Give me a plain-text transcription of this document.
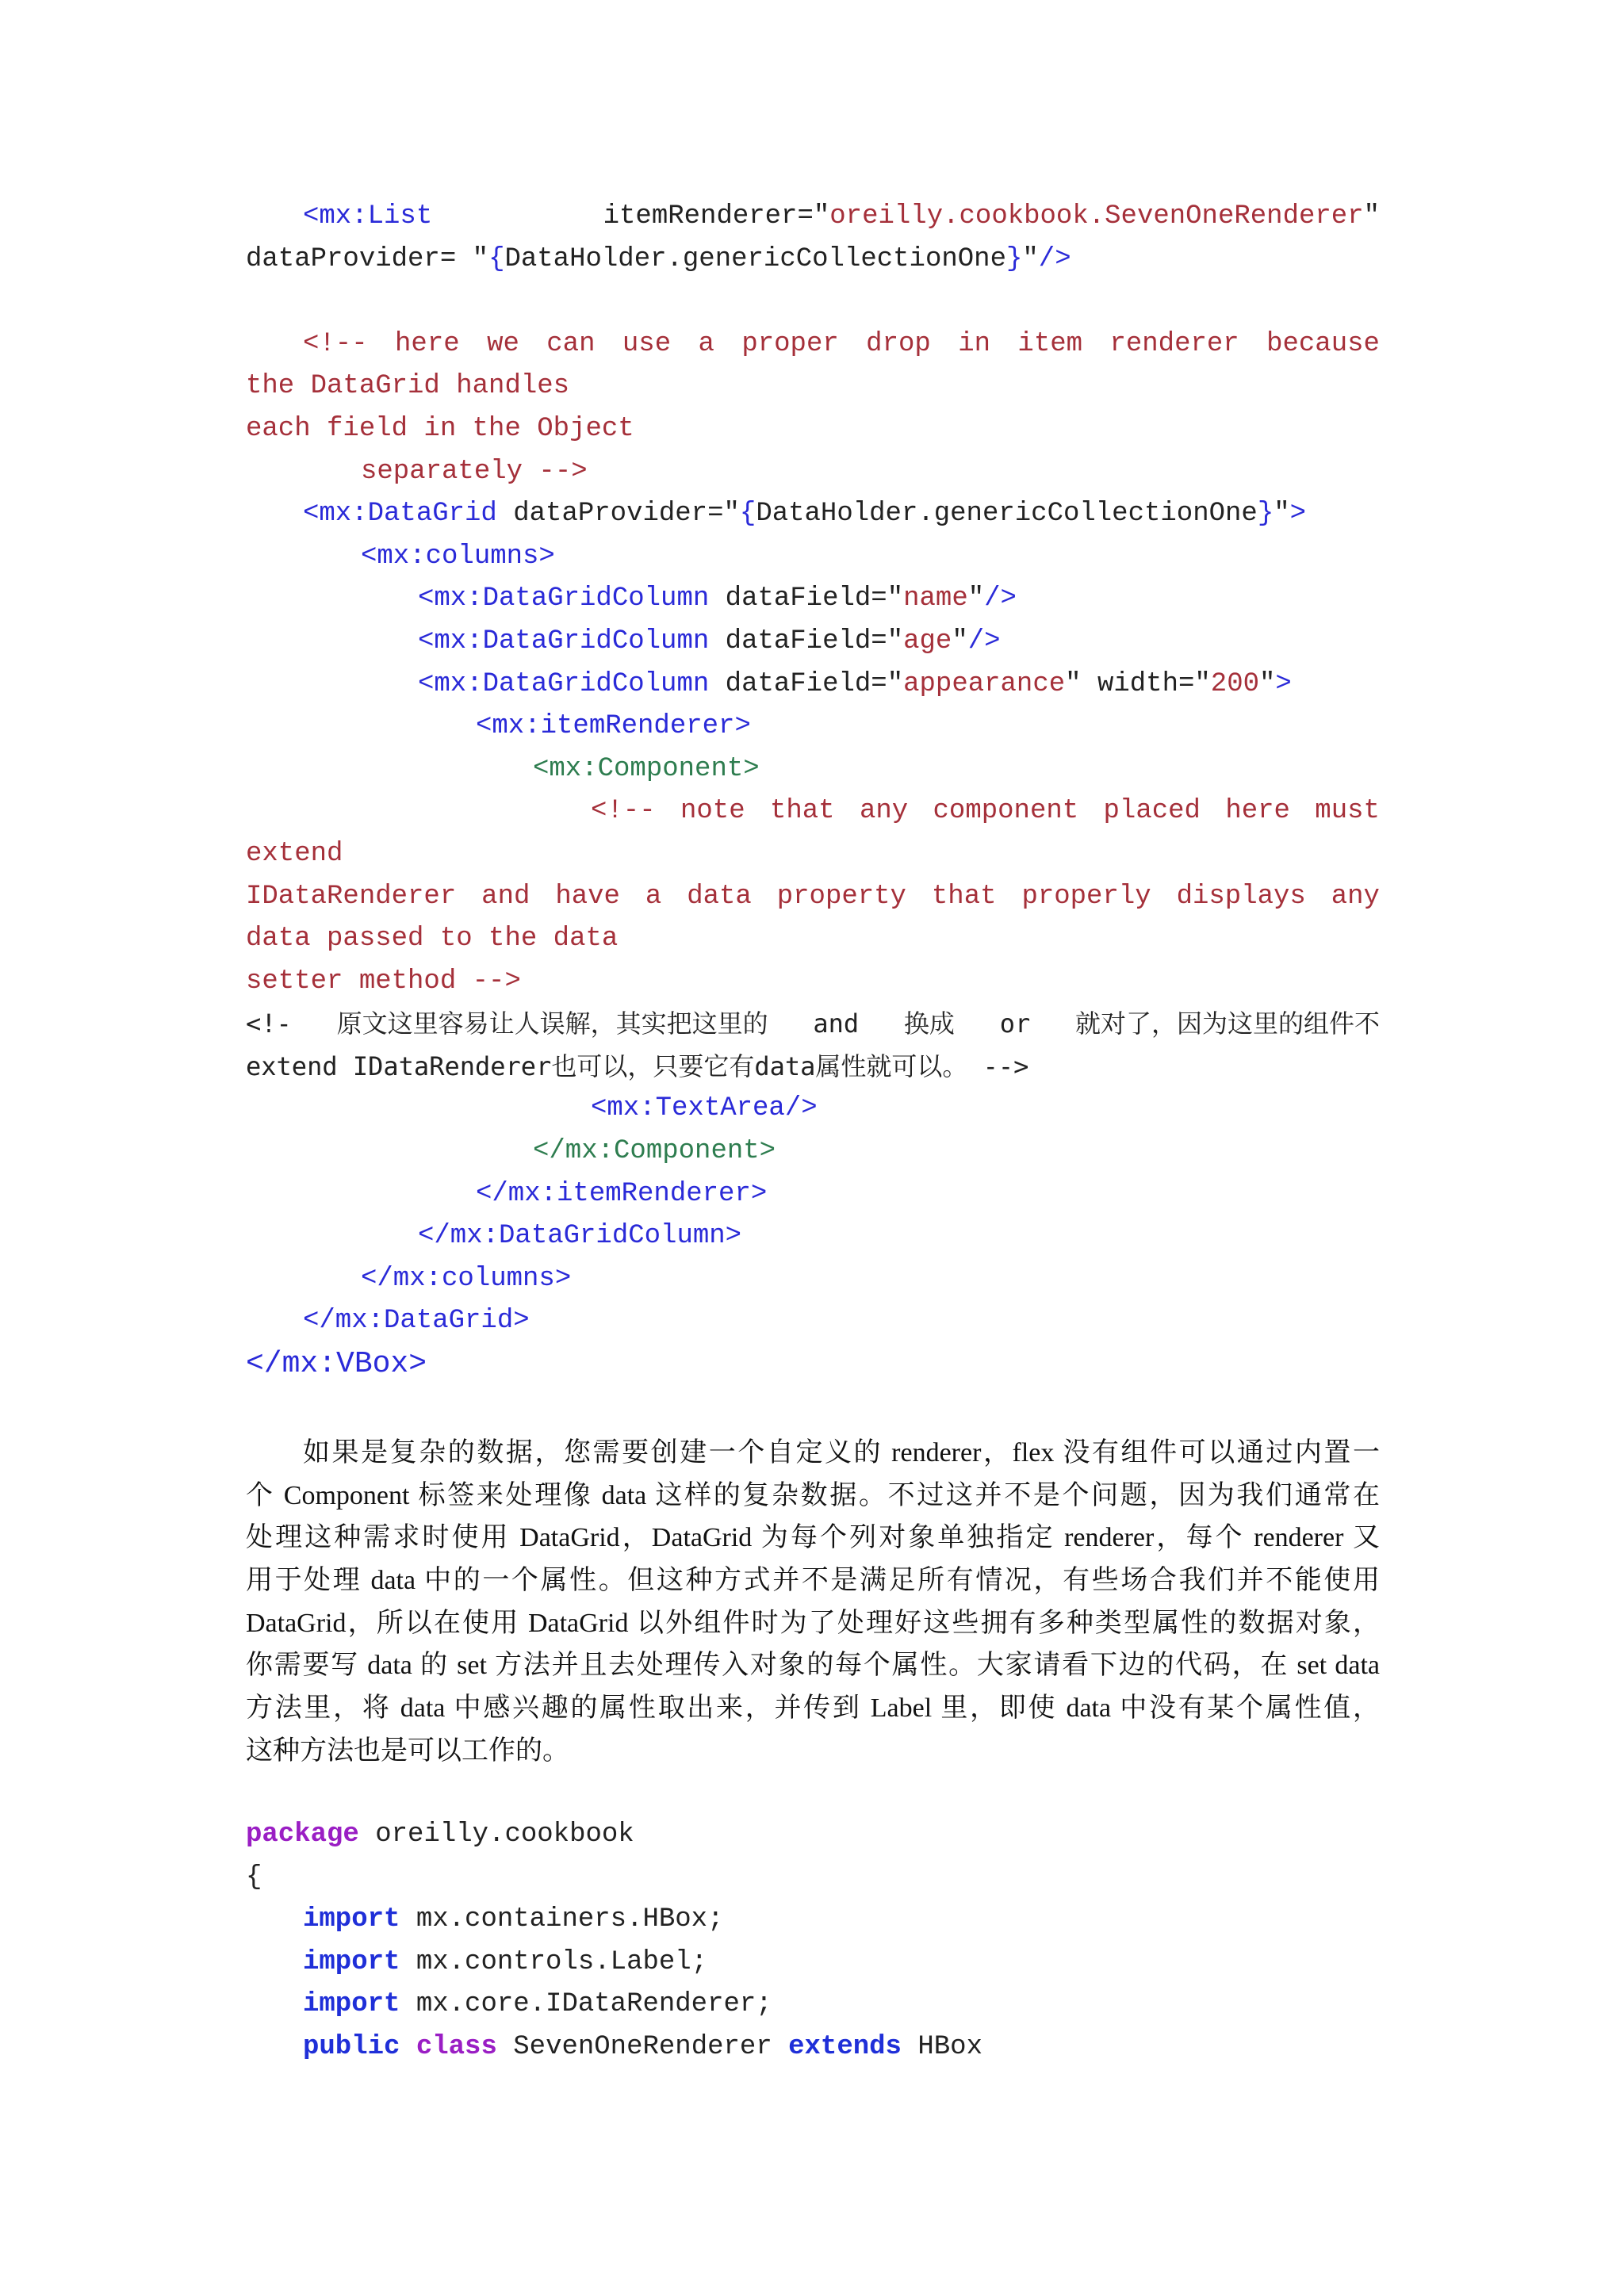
<mx:List	itemRenderer="oreilly.cookbook.SevenOneRenderer"
dataProvider= "{DataHolder.genericCollectionOne}"/>
<!-- here we can use a proper drop in item renderer because
the DataGrid handles
each field in the Object
separately -->
<mx:DataGrid dataProvider="{DataHolder.genericCollectionOne}">
<mx:columns>
<mx:DataGridColumn dataField="name"/>
<mx:DataGridColumn dataField="age"/>
<mx:DataGridColumn dataField="appearance" width="200">
<mx:itemRenderer>
<mx:Component>
<!-- note that any component placed here must
extend
IDataRenderer and have a data property that properly displays any
data passed to the data
setter method -->
<!- 原文这里容易让人误解，其实把这里的 and 换成 or 就对了，因为这里的组件不
extend IDataRenderer也可以，只要它有data属性就可以。 -->
<mx:TextArea/>
</mx:Component>
</mx:itemRenderer>
</mx:DataGridColumn>
</mx:columns>
</mx:DataGrid>
</mx:VBox>
如果是复杂的数据，您需要创建一个自定义的 renderer，flex 没有组件可以通过内置一
个 Component 标签来处理像 data 这样的复杂数据。不过这并不是个问题，因为我们通常在
处理这种需求时使用 DataGrid，DataGrid 为每个列对象单独指定 renderer，每个 renderer 又
用于处理 data 中的一个属性。但这种方式并不是满足所有情况，有些场合我们并不能使用
DataGrid，所以在使用 DataGrid 以外组件时为了处理好这些拥有多种类型属性的数据对象，
你需要写 data 的 set 方法并且去处理传入对象的每个属性。大家请看下边的代码，在 set data
方法里，将 data 中感兴趣的属性取出来，并传到 Label 里，即使 data 中没有某个属性值，
这种方法也是可以工作的。
package oreilly.cookbook
{
import mx.containers.HBox;
import mx.controls.Label;
import mx.core.IDataRenderer;
public class SevenOneRenderer extends HBox
